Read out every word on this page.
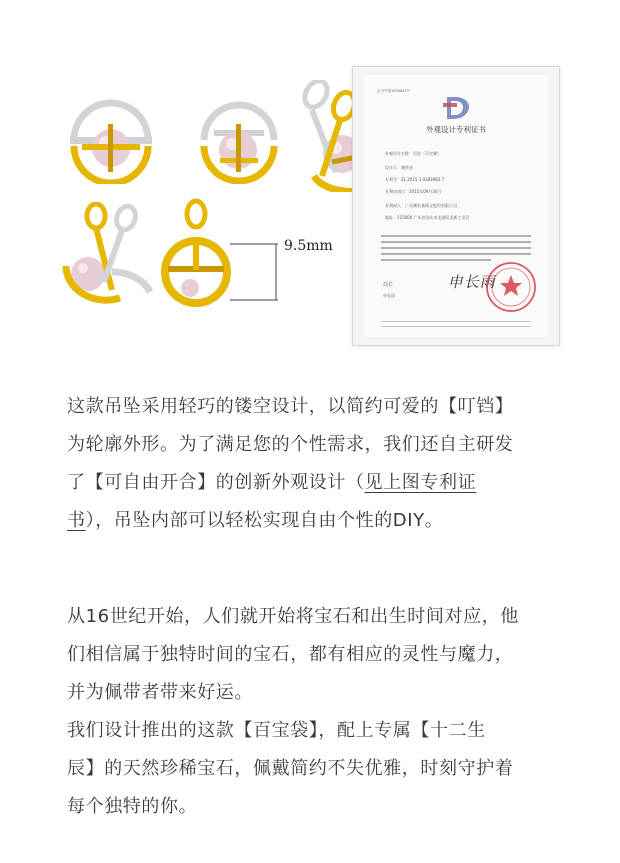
9.5mm
证书号第3698883号
外观设计专利证书
外观设计名称：吊坠（可定制）
设计人：谢传亮
专利号：ZL 2015 3 0382883.7
专利申请日：2015年09月30日
专利权人：广东潮宏基珠宝股份有限公司
地址：515000 广东省汕头市龙湖区龙新工业区
局长
申长雨
申长雨

这款吊坠采用轻巧的镂空设计，以简约可爱的【叮铛】

为轮廓外形。为了满足您的个性需求，我们还自主研发

了【可自由开合】的创新外观设计（见上图专利证

书），吊坠内部可以轻松实现自由个性的DIY。

从16世纪开始，人们就开始将宝石和出生时间对应，他

们相信属于独特时间的宝石，都有相应的灵性与魔力，

并为佩带者带来好运。

我们设计推出的这款【百宝袋】，配上专属【十二生

辰】的天然珍稀宝石，佩戴简约不失优雅，时刻守护着

每个独特的你。
